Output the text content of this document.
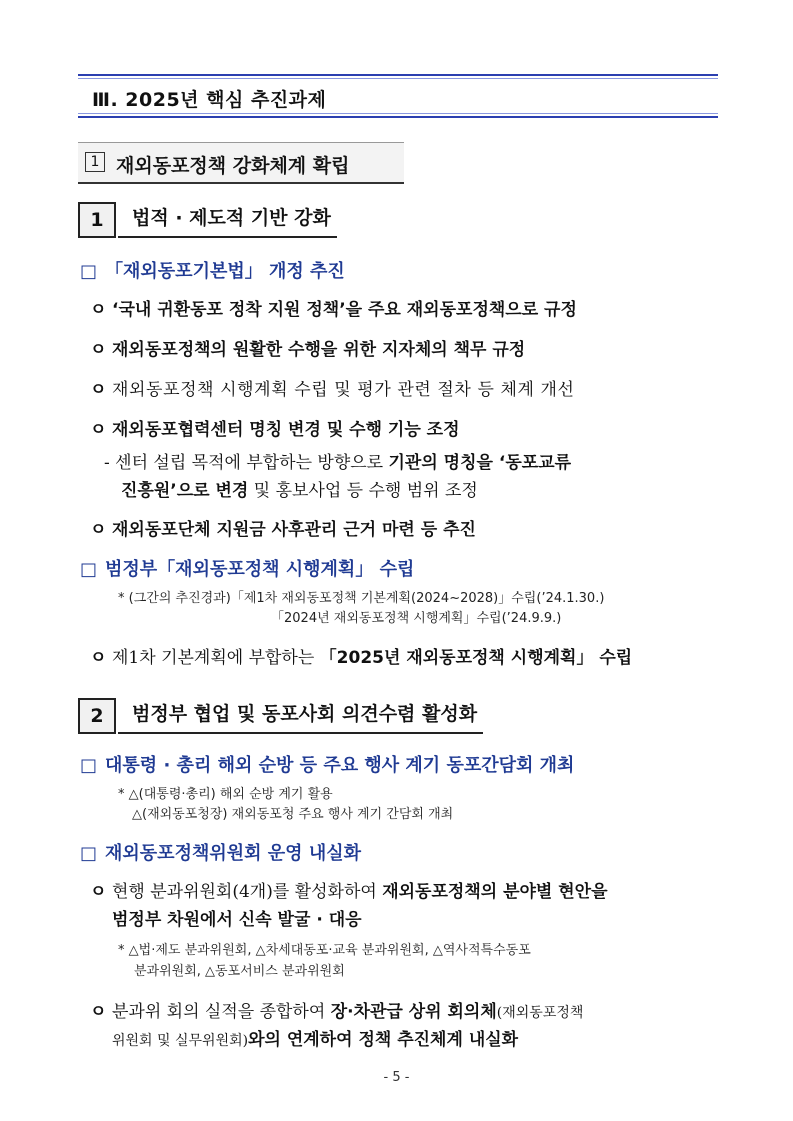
Ⅲ. 2025년 핵심 추진과제
1 재외동포정책 강화체계 확립
1	법적 · 제도적 기반 강화
□ 「재외동포기본법」 개정 추진
ㅇ ‘국내 귀환동포 정착 지원 정책’을 주요 재외동포정책으로 규정
ㅇ 재외동포정책의 원활한 수행을 위한 지자체의 책무 규정
ㅇ 재외동포정책 시행계획 수립 및 평가 관련 절차 등 체계 개선
ㅇ 재외동포협력센터 명칭 변경 및 수행 기능 조정
- 센터 설립 목적에 부합하는 방향으로 기관의 명칭을 ‘동포교류
진흥원’으로 변경 및 홍보사업 등 수행 범위 조정
ㅇ 재외동포단체 지원금 사후관리 근거 마련 등 추진
□ 범정부「재외동포정책 시행계획」 수립
* (그간의 추진경과)「제1차 재외동포정책 기본계획(2024~2028)」수립(’24.1.30.)
「2024년 재외동포정책 시행계획」수립(’24.9.9.)
ㅇ 제1차 기본계획에 부합하는 「2025년 재외동포정책 시행계획」 수립
2	범정부 협업 및 동포사회 의견수렴 활성화
□ 대통령 · 총리 해외 순방 등 주요 행사 계기 동포간담회 개최
* △(대통령·총리) 해외 순방 계기 활용
△(재외동포청장) 재외동포청 주요 행사 계기 간담회 개최
□ 재외동포정책위원회 운영 내실화
ㅇ 현행 분과위원회(4개)를 활성화하여 재외동포정책의 분야별 현안을
범정부 차원에서 신속 발굴 · 대응
* △법·제도 분과위원회, △차세대동포·교육 분과위원회, △역사적특수동포
분과위원회, △동포서비스 분과위원회
ㅇ 분과위 회의 실적을 종합하여 장·차관급 상위 회의체(재외동포정책
위원회 및 실무위원회)와의 연계하여 정책 추진체계 내실화
- 5 -
